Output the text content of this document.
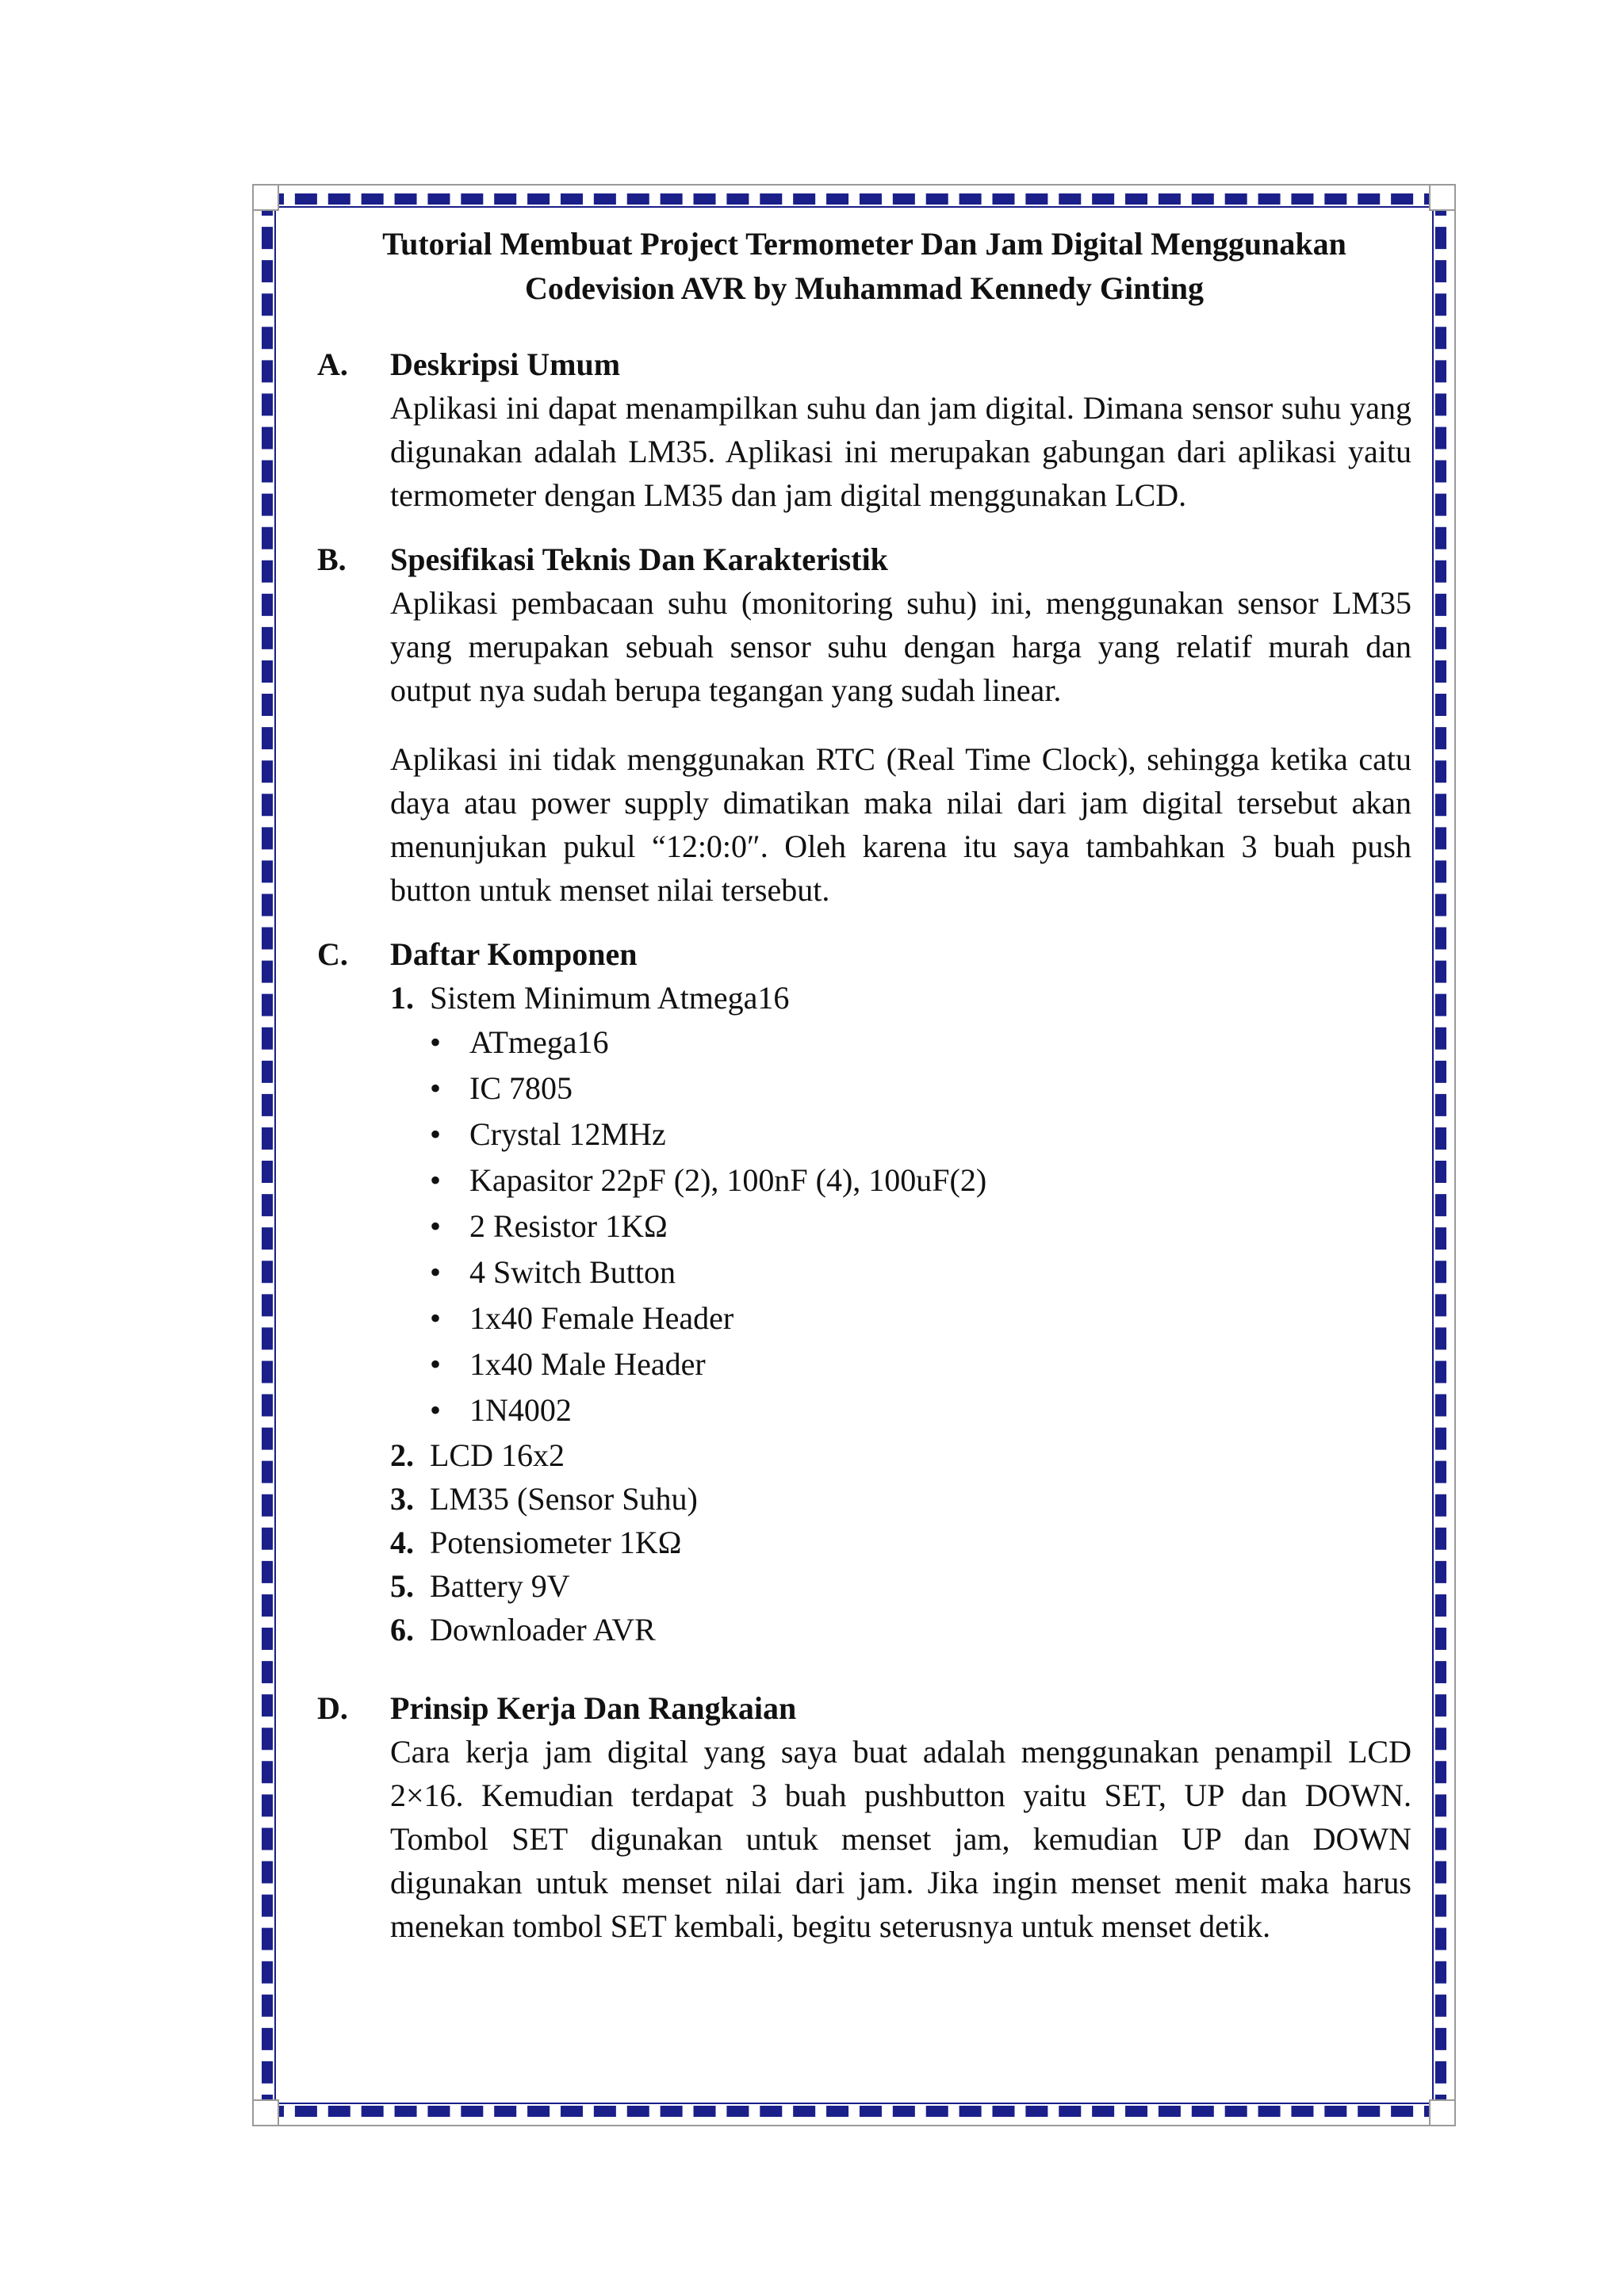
Tutorial Membuat Project Termometer Dan Jam Digital Menggunakan
Codevision AVR by Muhammad Kennedy Ginting
A.	Deskripsi Umum

Aplikasi ini dapat menampilkan suhu dan jam digital. Dimana sensor suhu yang digunakan adalah LM35. Aplikasi ini merupakan gabungan dari aplikasi yaitu termometer dengan LM35 dan jam digital menggunakan LCD.

B.	Spesifikasi Teknis Dan Karakteristik

Aplikasi pembacaan suhu (monitoring suhu) ini, menggunakan sensor LM35 yang merupakan sebuah sensor suhu dengan harga yang relatif murah dan output nya sudah berupa tegangan yang sudah linear.

Aplikasi ini tidak menggunakan RTC (Real Time Clock), sehingga ketika catu daya atau power supply dimatikan maka nilai dari jam digital tersebut akan menunjukan pukul “12:0:0″. Oleh karena itu saya tambahkan 3 buah push button untuk menset nilai tersebut.

C.	Daftar Komponen
1. Sistem Minimum Atmega16
• ATmega16
• IC 7805
• Crystal 12MHz
• Kapasitor 22pF (2), 100nF (4), 100uF(2)
• 2 Resistor 1KΩ
• 4 Switch Button
• 1x40 Female Header
• 1x40 Male Header
• 1N4002
2. LCD 16x2
3. LM35 (Sensor Suhu)
4. Potensiometer 1KΩ
5. Battery 9V
6. Downloader AVR
D.	Prinsip Kerja Dan Rangkaian

Cara kerja jam digital yang saya buat adalah menggunakan penampil LCD 2×16. Kemudian terdapat 3 buah pushbutton yaitu SET, UP dan DOWN. Tombol SET digunakan untuk menset jam, kemudian UP dan DOWN digunakan untuk menset nilai dari jam. Jika ingin menset menit maka harus menekan tombol SET kembali, begitu seterusnya untuk menset detik.
